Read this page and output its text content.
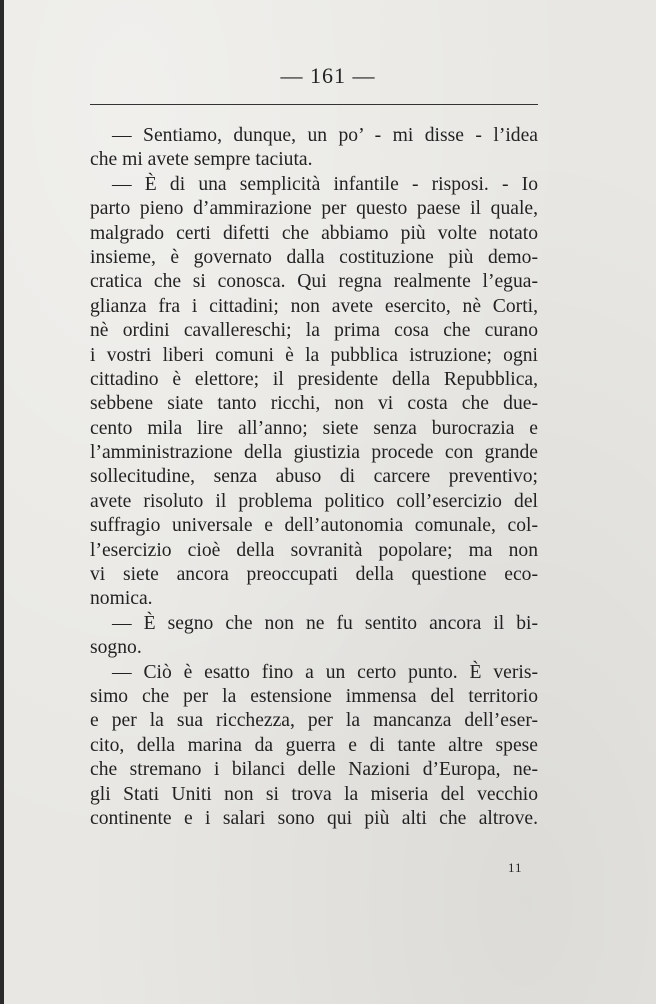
— 161 —
— Sentiamo, dunque, un po’ - mi disse - l’idea
che mi avete sempre taciuta.
— È di una semplicità infantile - risposi. - Io
parto pieno d’ammirazione per questo paese il quale,
malgrado certi difetti che abbiamo più volte notato
insieme, è governato dalla costituzione più demo-
cratica che si conosca. Qui regna realmente l’egua-
glianza fra i cittadini; non avete esercito, nè Corti,
nè ordini cavallereschi; la prima cosa che curano
i vostri liberi comuni è la pubblica istruzione; ogni
cittadino è elettore; il presidente della Repubblica,
sebbene siate tanto ricchi, non vi costa che due-
cento mila lire all’anno; siete senza burocrazia e
l’amministrazione della giustizia procede con grande
sollecitudine, senza abuso di carcere preventivo;
avete risoluto il problema politico coll’esercizio del
suffragio universale e dell’autonomia comunale, col-
l’esercizio cioè della sovranità popolare; ma non
vi siete ancora preoccupati della questione eco-
nomica.
— È segno che non ne fu sentito ancora il bi-
sogno.
— Ciò è esatto fino a un certo punto. È veris-
simo che per la estensione immensa del territorio
e per la sua ricchezza, per la mancanza dell’eser-
cito, della marina da guerra e di tante altre spese
che stremano i bilanci delle Nazioni d’Europa, ne-
gli Stati Uniti non si trova la miseria del vecchio
continente e i salari sono qui più alti che altrove.
11
